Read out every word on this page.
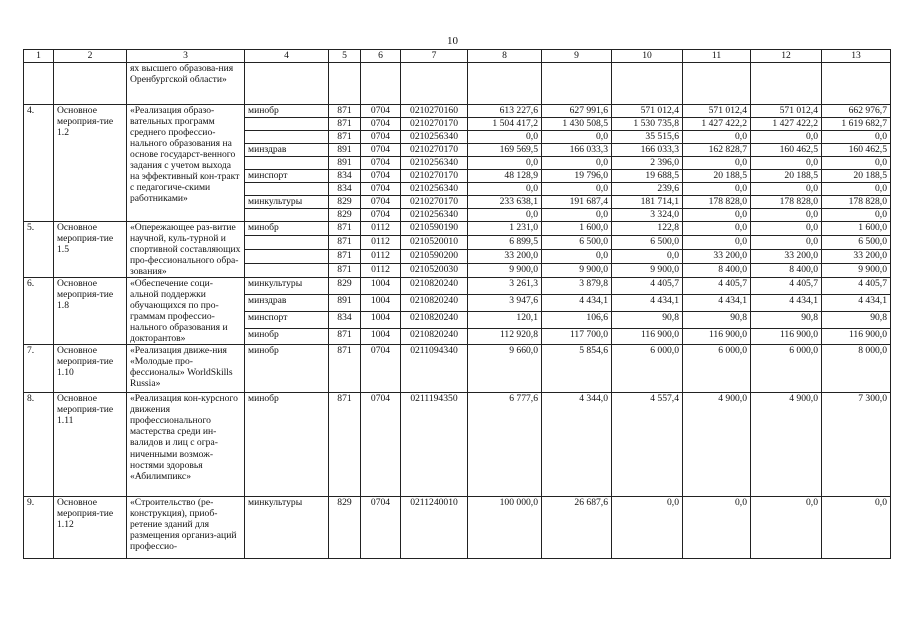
10
1	2	3	4	5	6	7	8	9	10	11	12	13
		ях высшего образова-ния Оренбургской области»										
4.	Основное мероприя-тие 1.2	«Реализация образо-вательных программ среднего профессио-нального образования на основе государст-венного задания с учетом выхода на эффективный кон-тракт с педагогиче-скими работниками»	минобр	871	0704	0210270160	613 227,6	627 991,6	571 012,4	571 012,4	571 012,4	662 976,7
				871	0704	0210270170	1 504 417,2	1 430 508,5	1 530 735,8	1 427 422,2	1 427 422,2	1 619 682,7
				871	0704	0210256340	0,0	0,0	35 515,6	0,0	0,0	0,0
			минздрав	891	0704	0210270170	169 569,5	166 033,3	166 033,3	162 828,7	160 462,5	160 462,5
				891	0704	0210256340	0,0	0,0	2 396,0	0,0	0,0	0,0
			минспорт	834	0704	0210270170	48 128,9	19 796,0	19 688,5	20 188,5	20 188,5	20 188,5
				834	0704	0210256340	0,0	0,0	239,6	0,0	0,0	0,0
			минкультуры	829	0704	0210270170	233 638,1	191 687,4	181 714,1	178 828,0	178 828,0	178 828,0
				829	0704	0210256340	0,0	0,0	3 324,0	0,0	0,0	0,0
5.	Основное мероприя-тие 1.5	«Опережающее раз-витие научной, куль-турной и спортивной составляющих про-фессионального обра-зования»	минобр	871	0112	0210590190	1 231,0	1 600,0	122,8	0,0	0,0	1 600,0
				871	0112	0210520010	6 899,5	6 500,0	6 500,0	0,0	0,0	6 500,0
				871	0112	0210590200	33 200,0	0,0	0,0	33 200,0	33 200,0	33 200,0
				871	0112	0210520030	9 900,0	9 900,0	9 900,0	8 400,0	8 400,0	9 900,0
6.	Основное мероприя-тие 1.8	«Обеспечение соци-альной поддержки обучающихся по про-граммам профессио-нального образования и докторантов»	минкультуры	829	1004	0210820240	3 261,3	3 879,8	4 405,7	4 405,7	4 405,7	4 405,7
			минздрав	891	1004	0210820240	3 947,6	4 434,1	4 434,1	4 434,1	4 434,1	4 434,1
			минспорт	834	1004	0210820240	120,1	106,6	90,8	90,8	90,8	90,8
			минобр	871	1004	0210820240	112 920,8	117 700,0	116 900,0	116 900,0	116 900,0	116 900,0
7.	Основное мероприя-тие 1.10	«Реализация движе-ния «Молодые про-фессионалы» WorldSkills Russia»	минобр	871	0704	0211094340	9 660,0	5 854,6	6 000,0	6 000,0	6 000,0	8 000,0
8.	Основное мероприя-тие 1.11	«Реализация кон-курсного движения профессионального мастерства среди ин-валидов и лиц с огра-ниченными возмож-ностями здоровья «Абилимпикс»	минобр	871	0704	0211194350	6 777,6	4 344,0	4 557,4	4 900,0	4 900,0	7 300,0
9.	Основное мероприя-тие 1.12	«Строительство (ре-конструкция), приоб-ретение зданий для размещения организ-аций профессио-	минкультуры	829	0704	0211240010	100 000,0	26 687,6	0,0	0,0	0,0	0,0
